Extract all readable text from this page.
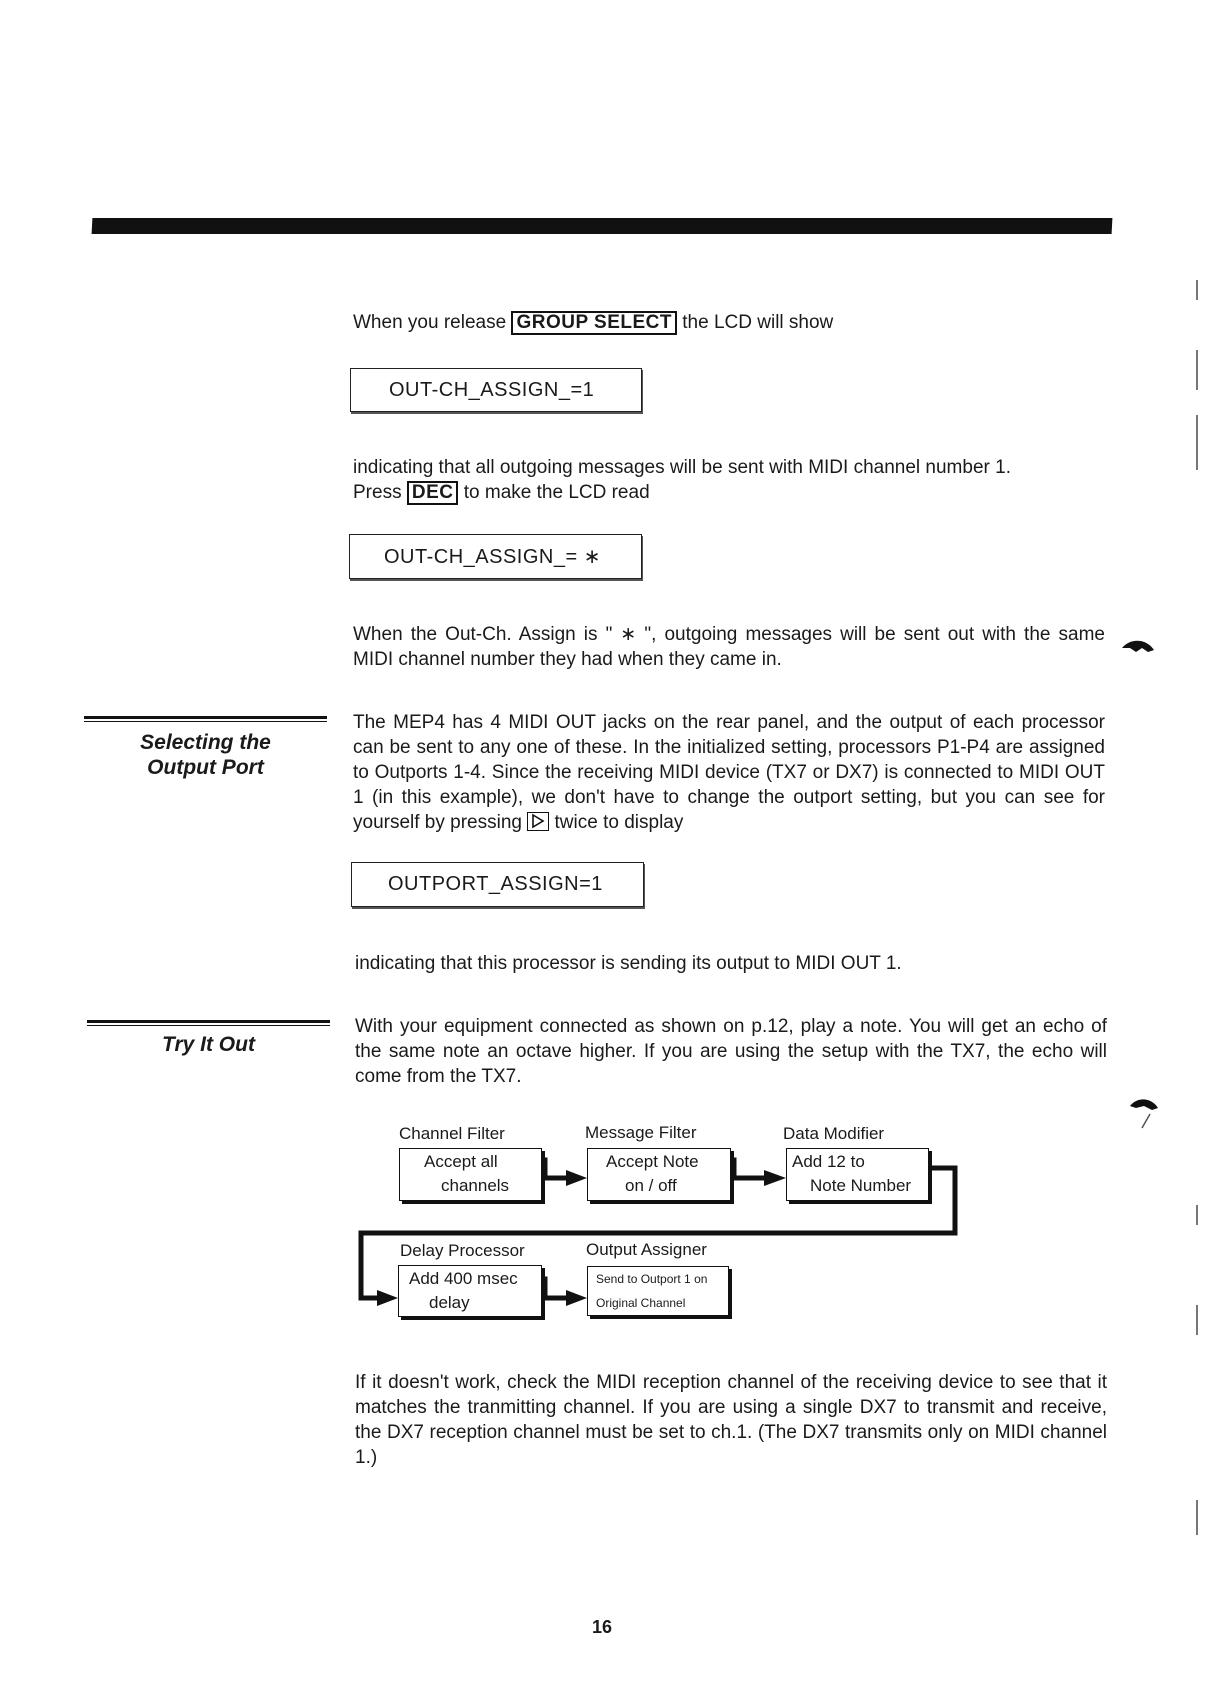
When you release GROUP SELECT the LCD will show
OUT-CH_ASSIGN_=1
indicating that all outgoing messages will be sent with MIDI channel number 1.
Press DEC to make the LCD read
OUT-CH_ASSIGN_= ∗
When the Out-Ch. Assign is " ∗ ", outgoing messages will be sent out with the same MIDI channel number they had when they came in.
Selecting the
Output Port
The MEP4 has 4 MIDI OUT jacks on the rear panel, and the output of each processor can be sent to any one of these. In the initialized setting, processors P1-P4 are assigned to Outports 1-4. Since the receiving MIDI device (TX7 or DX7) is connected to MIDI OUT 1 (in this example), we don't have to change the outport setting, but you can see for yourself by pressing twice to display
OUTPORT_ASSIGN=1
indicating that this processor is sending its output to MIDI OUT 1.
Try It Out
With your equipment connected as shown on p.12, play a note. You will get an echo of the same note an octave higher. If you are using the setup with the TX7, the echo will come from the TX7.
Channel Filter	Message Filter	Data Modifier
Delay Processor	Output Assigner
Accept all
channels
Accept Note
on / off
Add 12 to
Note Number
Add 400 msec
delay
Send to Outport 1 on
Original Channel
If it doesn't work, check the MIDI reception channel of the receiving device to see that it matches the tranmitting channel. If you are using a single DX7 to transmit and receive, the DX7 reception channel must be set to ch.1. (The DX7 transmits only on MIDI channel 1.)
16
